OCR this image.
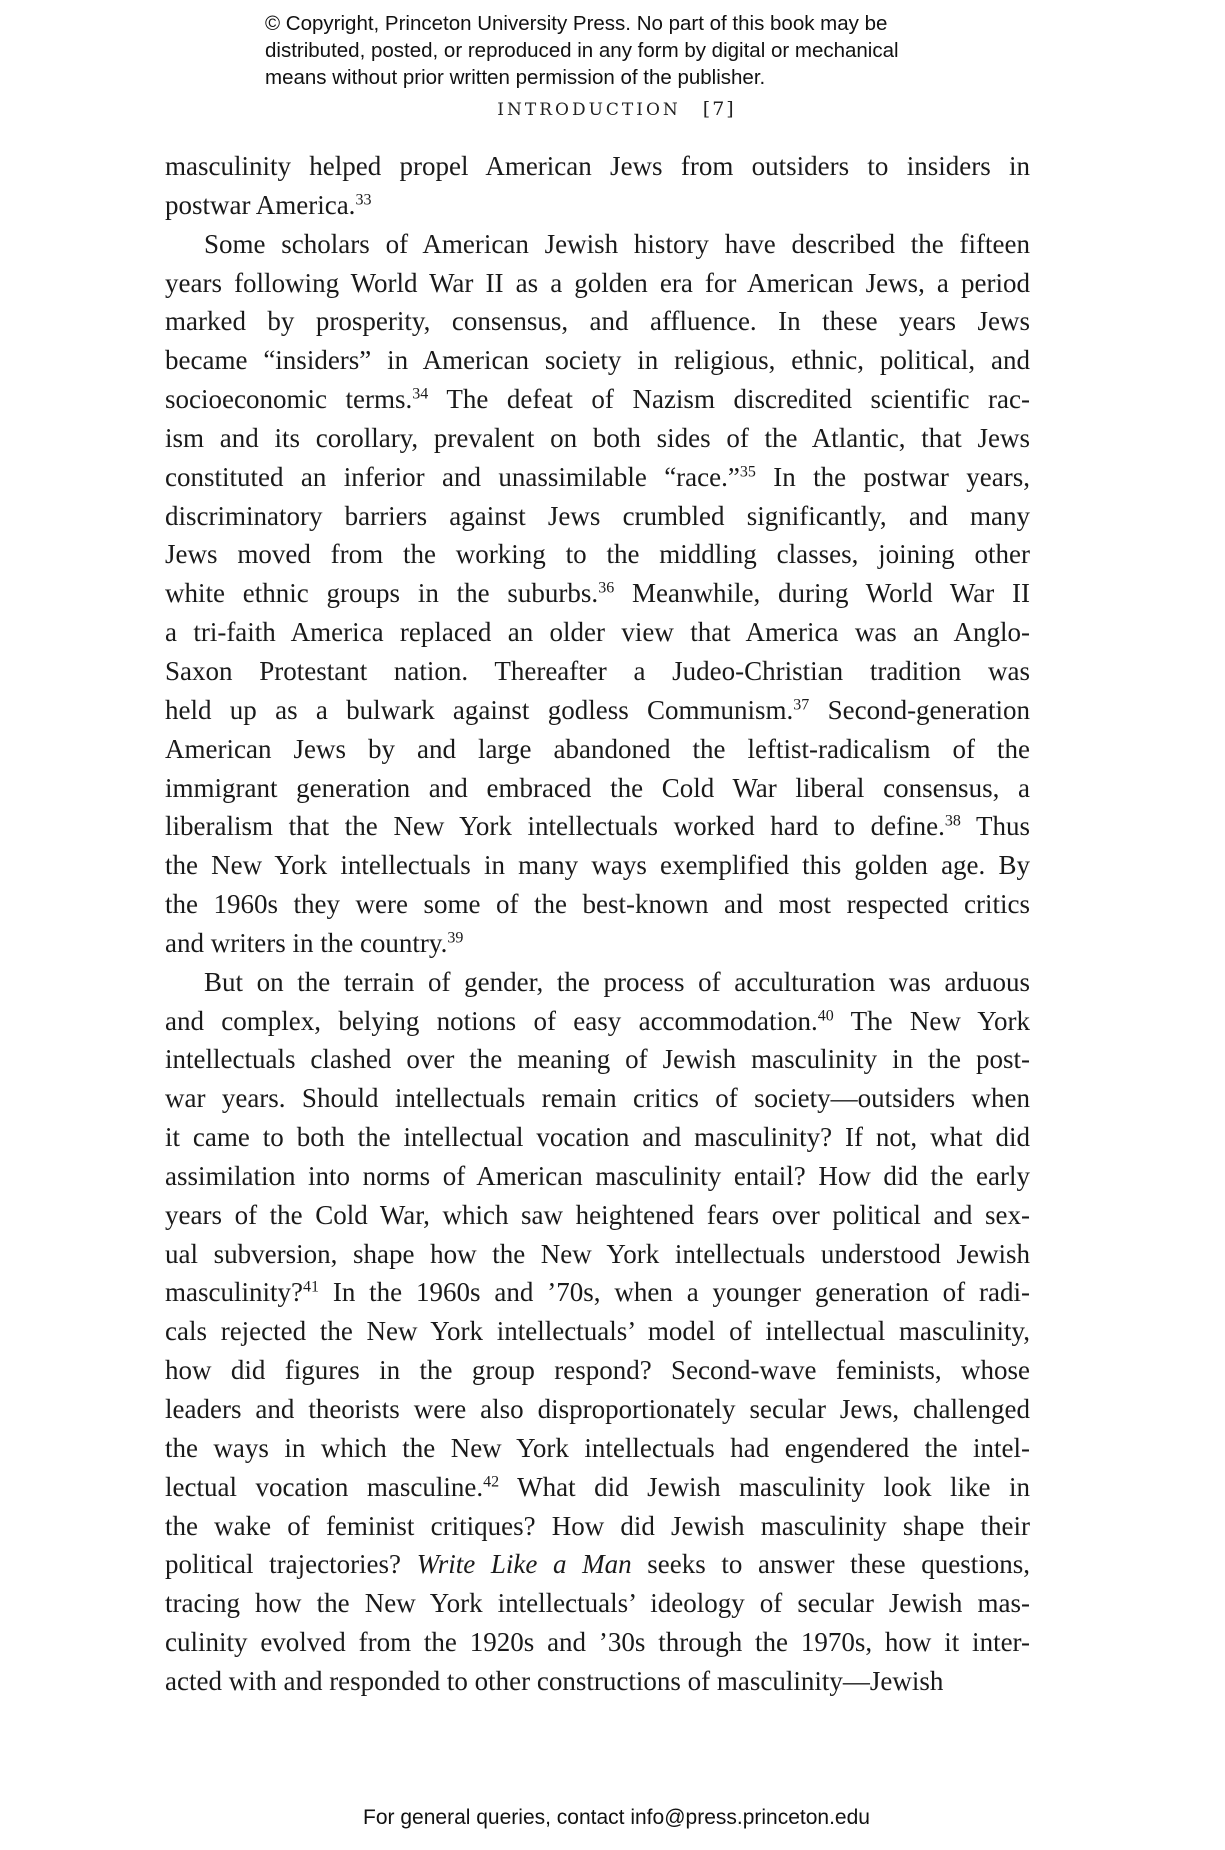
© Copyright, Princeton University Press. No part of this book may be
distributed, posted, or reproduced in any form by digital or mechanical
means without prior written permission of the publisher.
INTRODUCTION [7]
masculinity helped propel American Jews from outsiders to insiders in
postwar America.$^{33}$
Some scholars of American Jewish history have described the fifteen
years following World War II as a golden era for American Jews, a period
marked by prosperity, consensus, and affluence. In these years Jews
became “insiders” in American society in religious, ethnic, political, and
socioeconomic terms.$^{34}$ The defeat of Nazism discredited scientific rac-
ism and its corollary, prevalent on both sides of the Atlantic, that Jews
constituted an inferior and unassimilable “race.”$^{35}$ In the postwar years,
discriminatory barriers against Jews crumbled significantly, and many
Jews moved from the working to the middling classes, joining other
white ethnic groups in the suburbs.$^{36}$ Meanwhile, during World War II
a tri-faith America replaced an older view that America was an Anglo-
Saxon Protestant nation. Thereafter a Judeo-Christian tradition was
held up as a bulwark against godless Communism.$^{37}$ Second-generation
American Jews by and large abandoned the leftist-radicalism of the
immigrant generation and embraced the Cold War liberal consensus, a
liberalism that the New York intellectuals worked hard to define.$^{38}$ Thus
the New York intellectuals in many ways exemplified this golden age. By
the 1960s they were some of the best-known and most respected critics
and writers in the country.$^{39}$
But on the terrain of gender, the process of acculturation was arduous
and complex, belying notions of easy accommodation.$^{40}$ The New York
intellectuals clashed over the meaning of Jewish masculinity in the post-
war years. Should intellectuals remain critics of society—outsiders when
it came to both the intellectual vocation and masculinity? If not, what did
assimilation into norms of American masculinity entail? How did the early
years of the Cold War, which saw heightened fears over political and sex-
ual subversion, shape how the New York intellectuals understood Jewish
masculinity?$^{41}$ In the 1960s and ’70s, when a younger generation of radi-
cals rejected the New York intellectuals’ model of intellectual masculinity,
how did figures in the group respond? Second-wave feminists, whose
leaders and theorists were also disproportionately secular Jews, challenged
the ways in which the New York intellectuals had engendered the intel-
lectual vocation masculine.$^{42}$ What did Jewish masculinity look like in
the wake of feminist critiques? How did Jewish masculinity shape their
political trajectories? Write Like a Man seeks to answer these questions,
tracing how the New York intellectuals’ ideology of secular Jewish mas-
culinity evolved from the 1920s and ’30s through the 1970s, how it inter-
acted with and responded to other constructions of masculinity—Jewish
For general queries, contact info@press.princeton.edu
